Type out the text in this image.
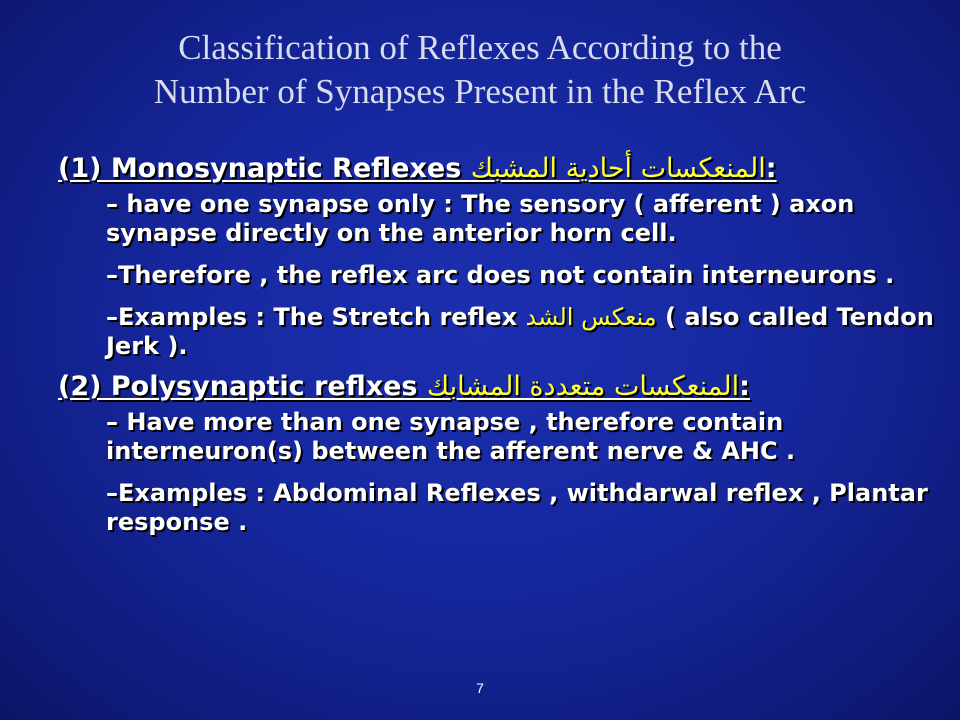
Classification of Reflexes According to the
Number of Synapses Present in the Reflex Arc

(1) Monosynaptic Reflexes المنعكسات أحادية المشبك:

– have one synapse only : The sensory ( afferent ) axon synapse directly on the anterior horn cell.
–Therefore , the reflex arc does not contain interneurons .
–Examples : The Stretch reflex منعكس الشد ( also called Tendon Jerk ).

(2) Polysynaptic reflxes المنعكسات متعددة المشابك:

– Have more than one synapse , therefore contain interneuron(s) between the afferent nerve & AHC .
–Examples : Abdominal Reflexes , withdarwal reflex , Plantar response .
7
